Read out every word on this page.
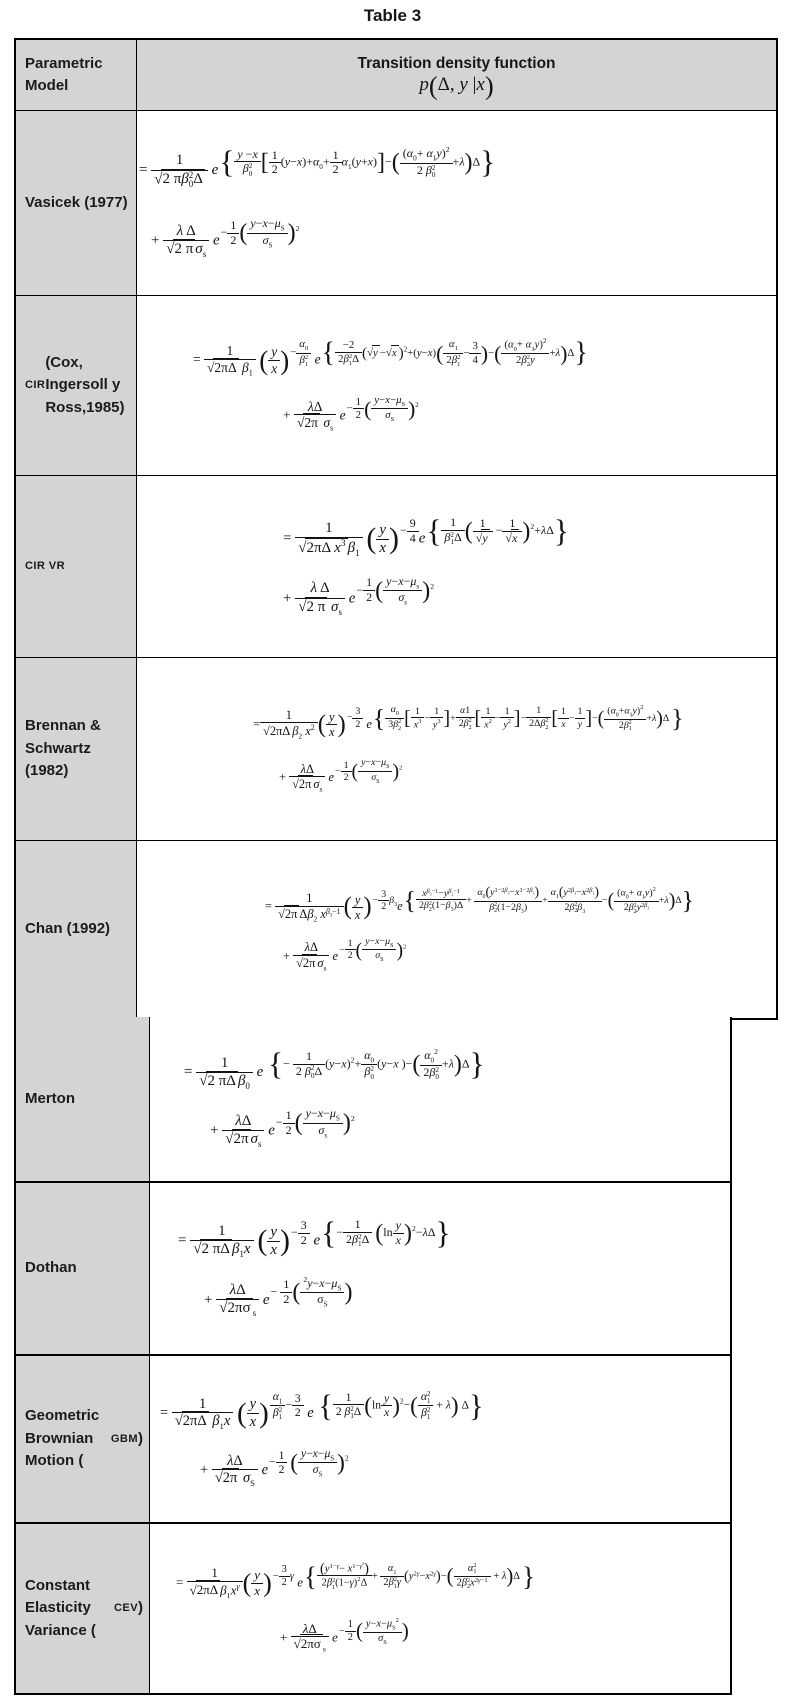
Table 3
Parametric Model
Transition density function
p(Δ, y |x)
Vasicek (1977)
= 1
√2 πβ 2
0 Δ e{ y −x
β 2
0 [ $\frac{1}{2} (y-x)+\alpha_0+ \frac{1}{2} \alpha_1(y+x)]-$( $(\alpha_0+ \alpha_1y)^2$
2 β 2
0 +λ)Δ}
+
λ Δ
√2 π $\sigma_s$
$e- \frac{1}{2}$ ( $\frac{y-x-\mu_S}{\sigma_S} )^2$
CIR
(Cox, Ingersoll y Ross,1985)
= $\frac{1}{√2\pi\Delta \beta_1}$ ( $\frac{y}{x}$ )− $\alpha_0$
β 2
1 e{ −2
2β 2
1 Δ (√y −√x )$^2$+(y−x)( $\alpha_1$
2β 2
$1 - \frac{3}{4}$ )−( $(\alpha_0+ \alpha_1y)^2$
2β 2
2 y +λ)Δ}
+ $\frac{\lambda\Delta}{√2\pi \sigma_s} e- \frac{1}{2}$ ( $\frac{y-x-\mu_S}{\sigma_S} )^2$
CIR VR
= $\frac{1}{√2\pi\Delta x^3 \beta_1}$ ( $\frac{y}{x}$ )− $\frac{9}{4} e${ 1
β 2
1 Δ ( $\frac{1}{√y} - \frac{1}{√x} )^2+\lambda\Delta$}
+ $\frac{\text{λ Δ}}{√2 \pi \sigma_s} e- \frac{1}{2}$ ( $\frac{y-x-\mu_s}{\sigma_s} )^2$
Brennan & Schwartz (1982)
=
1
√2πΔ $\beta_2$ $x^2$ ( $\frac{y}{x}$ )− $\frac{3}{2} e${ $\alpha_0$
3β 2
2 [ $\frac{1}{x^3} - \frac{1}{y^3}$ ]+ α1
2β 2
2 [ $\frac{1}{x^2} - \frac{1}{y^2}$ ]− 1
2Δβ 2
2 [ $\frac{1}{x} - \frac{1}{y}$ ]−( $(\alpha_0+\alpha_1y)^2$
2β 2
1 +λ)Δ }
+
λΔ
√2π $\sigma_s$
$e- \frac{1}{2}$ ( $\frac{y-x-\mu_S}{\sigma_S} )^2$
Chan (1992)
=
1
√2π $\Delta\beta_2$ $x^{\beta_3-1}$ ( $\frac{y}{x}$ )− $\frac{3}{2} \beta_3e${ $x^{\beta_3-1}-y^{\beta_2-1}$
2β 2
2 $(1-\beta_3)\Delta + \alpha_0(y^{1-2\beta_3}-x^{1-2\beta_3})$
β 2
2 $(1-2\beta_3) + \alpha_1(y^{2\beta_3}-x^{2\beta_3})$
2β 2
2 $\beta_3$ −( $(\alpha_0+ \alpha_1y)^2$
2β 2
2 $y^{2\beta_3} +\lambda)\Delta$}
+
λΔ
√2π $\sigma_s$
$e- \frac{1}{2}$ ( $\frac{y-x-\mu_S}{\sigma_S} )^2$
Merton
=
1
√2 πΔ $\beta_0$
e {− 1
2 β 2
0 Δ $(y-x)^2+ \alpha_0$
β 2
0 (y−x )−( $\alpha_0^2$
2β 2
0 +λ)Δ}
+
λΔ
√2π $\sigma_s$
$e- \frac{1}{2}$ ( $\frac{y-x-\mu_S}{\sigma_s} )^2$
Dothan
=
1
√2 πΔ $\beta_1x$ ( $\frac{y}{x}$ )− $\frac{3}{2} e\{- 1$
2β 2
1 Δ $(\ln \frac{y}{x} )^2-\lambda\Delta$}
+
λΔ
√2πσ $_s$
$e- \frac{1}{2}$ ( $\frac{^2y-x-\mu_S}{\sigma_S}$ )
Geometric Brownian Motion (
GBM )
= $\frac{1}{√2\pi\Delta \beta_1x}$ ( $\frac{y}{x}$ ) $\alpha_1$
β 2
$1 - \frac{3}{2}$ e { 1
2 β 2
1 Δ $(\ln \frac{y}{x} )^2-$( α 2
1
β 2
1 + λ) Δ}
+ $\frac{\lambda\Delta}{√2\pi \sigma_S} e- \frac{1}{2}$ ( $\frac{y-x-\mu_S}{\sigma_S} )^2$
Constant Elasticity Variance (
CEV )
=
1
√2πΔ $\beta_1x^\gamma$ ( $\frac{y}{x}$ )− $\frac{3}{2}$ γ e{ $(y^{1-\gamma}- x^{1-\gamma^2})$
2β 2
1 $(1-\gamma)^2\Delta + \alpha_1$
2β 2
1 γ $(y^{2\gamma}-x^{2\gamma})-$( α 2
1
2β 2
2 $x^{2\gamma-1} + \lambda)\Delta$ }
+
λΔ
√2πσ $_s$
$e- \frac{1}{2}$ ( $\frac{y-x-\mu_S^2}{\sigma_S}$ )
